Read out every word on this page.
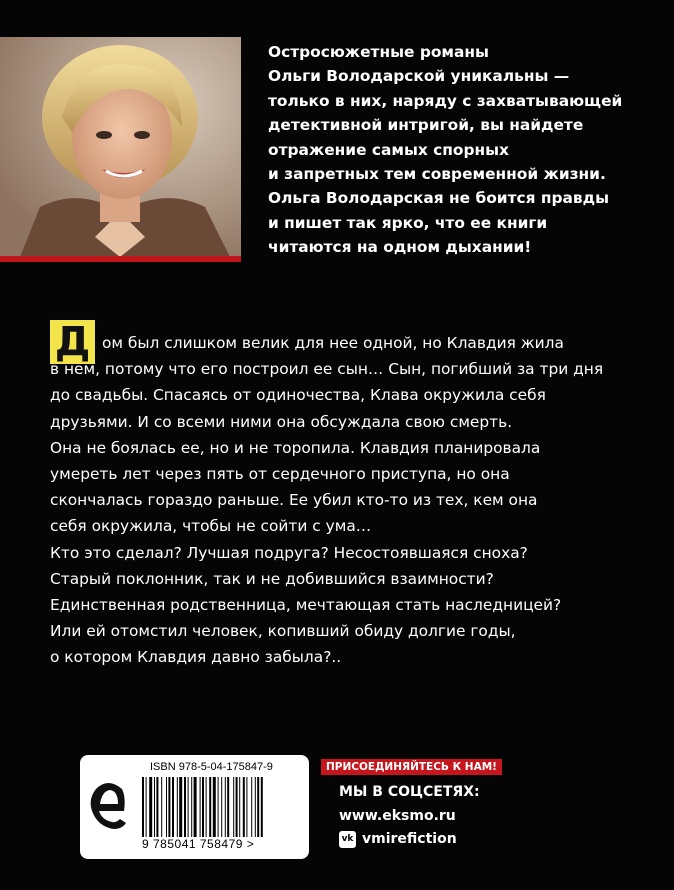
Остросюжетные романы
Ольги Володарской уникальны —
только в них, наряду с захватывающей
детективной интригой, вы найдете
отражение самых спорных
и запретных тем современной жизни.
Ольга Володарская не боится правды
и пишет так ярко, что ее книги
читаются на одном дыхании!
Д ом был слишком велик для нее одной, но Клавдия жила
в нем, потому что его построил ее сын… Сын, погибший за три дня
до свадьбы. Спасаясь от одиночества, Клава окружила себя
друзьями. И со всеми ними она обсуждала свою смерть.
Она не боялась ее, но и не торопила. Клавдия планировала
умереть лет через пять от сердечного приступа, но она
скончалась гораздо раньше. Ее убил кто-то из тех, кем она
себя окружила, чтобы не сойти с ума…
Кто это сделал? Лучшая подруга? Несостоявшаяся сноха?
Старый поклонник, так и не добившийся взаимности?
Единственная родственница, мечтающая стать наследницей?
Или ей отомстил человек, копивший обиду долгие годы,
о котором Клавдия давно забыла?..
ISBN 978-5-04-175847-9
9 785041 758479 >
ПРИСОЕДИНЯЙТЕСЬ К НАМ!
МЫ В СОЦСЕТЯХ:
www.eksmo.ru
vk vmirefiction
